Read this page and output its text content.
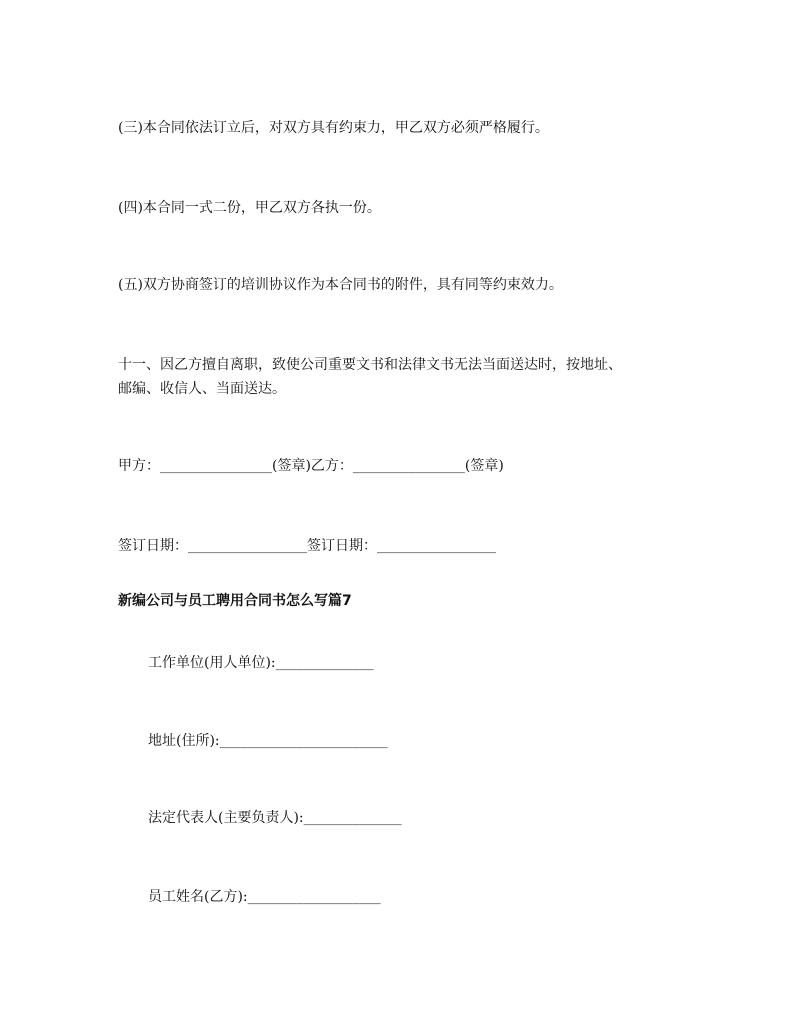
(三)本合同依法订立后，对双方具有约束力，甲乙双方必须严格履行。

(四)本合同一式二份，甲乙双方各执一份。

(五)双方协商签订的培训协议作为本合同书的附件，具有同等约束效力。

十一、因乙方擅自离职，致使公司重要文书和法律文书无法当面送达时，按地址、

邮编、收信人、当面送达。

甲方：________________(签章)乙方：________________(签章)

签订日期：_________________签订日期：_________________

新编公司与员工聘用合同书怎么写篇7

工作单位(用人单位):______________

地址(住所):________________________

法定代表人(主要负责人):______________

员工姓名(乙方):___________________
